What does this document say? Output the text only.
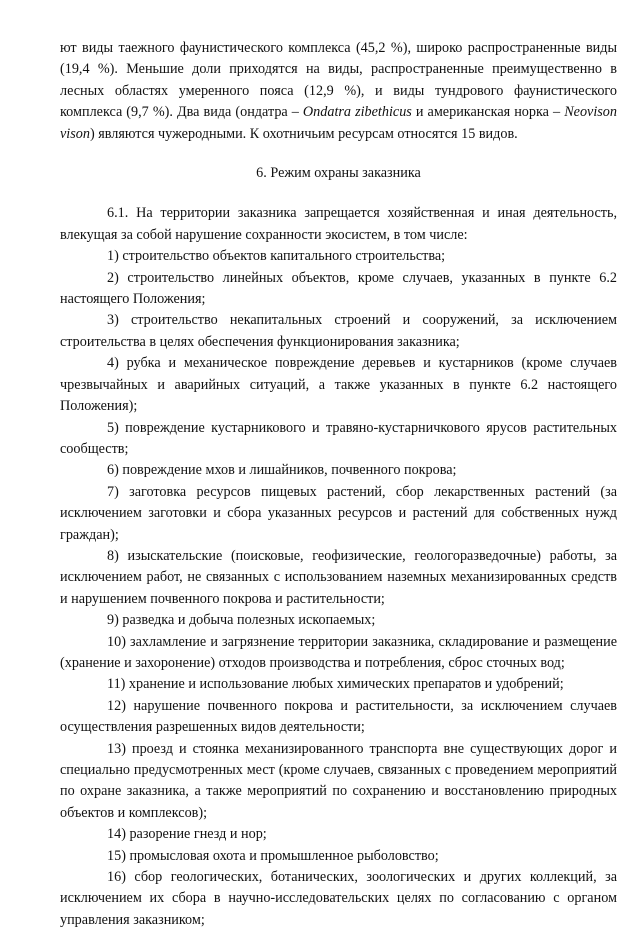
ют виды таежного фаунистического комплекса (45,2 %), широко распространенные виды (19,4 %). Меньшие доли приходятся на виды, распространенные преимущественно в лесных областях умеренного пояса (12,9 %), и виды тундрового фаунистического комплекса (9,7 %). Два вида (ондатра – Ondatra zibethicus и американская норка – Neovison vison) являются чужеродными. К охотничьим ресурсам относятся 15 видов.

6. Режим охраны заказника

6.1. На территории заказника запрещается хозяйственная и иная деятельность, влекущая за собой нарушение сохранности экосистем, в том числе:

1) строительство объектов капитального строительства;

2) строительство линейных объектов, кроме случаев, указанных в пункте 6.2 настоящего Положения;

3) строительство некапитальных строений и сооружений, за исключением строительства в целях обеспечения функционирования заказника;

4) рубка и механическое повреждение деревьев и кустарников (кроме случаев чрезвычайных и аварийных ситуаций, а также указанных в пункте 6.2 настоящего Положения);

5) повреждение кустарникового и травяно-кустарничкового ярусов растительных сообществ;

6) повреждение мхов и лишайников, почвенного покрова;

7) заготовка ресурсов пищевых растений, сбор лекарственных растений (за исключением заготовки и сбора указанных ресурсов и растений для собственных нужд граждан);

8) изыскательские (поисковые, геофизические, геологоразведочные) работы, за исключением работ, не связанных с использованием наземных механизированных средств и нарушением почвенного покрова и растительности;

9) разведка и добыча полезных ископаемых;

10) захламление и загрязнение территории заказника, складирование и размещение (хранение и захоронение) отходов производства и потребления, сброс сточных вод;

11) хранение и использование любых химических препаратов и удобрений;

12) нарушение почвенного покрова и растительности, за исключением случаев осуществления разрешенных видов деятельности;

13) проезд и стоянка механизированного транспорта вне существующих дорог и специально предусмотренных мест (кроме случаев, связанных с проведением мероприятий по охране заказника, а также мероприятий по сохранению и восстановлению природных объектов и комплексов);

14) разорение гнезд и нор;

15) промысловая охота и промышленное рыболовство;

16) сбор геологических, ботанических, зоологических и других коллекций, за исключением их сбора в научно-исследовательских целях по согласованию с органом управления заказником;
